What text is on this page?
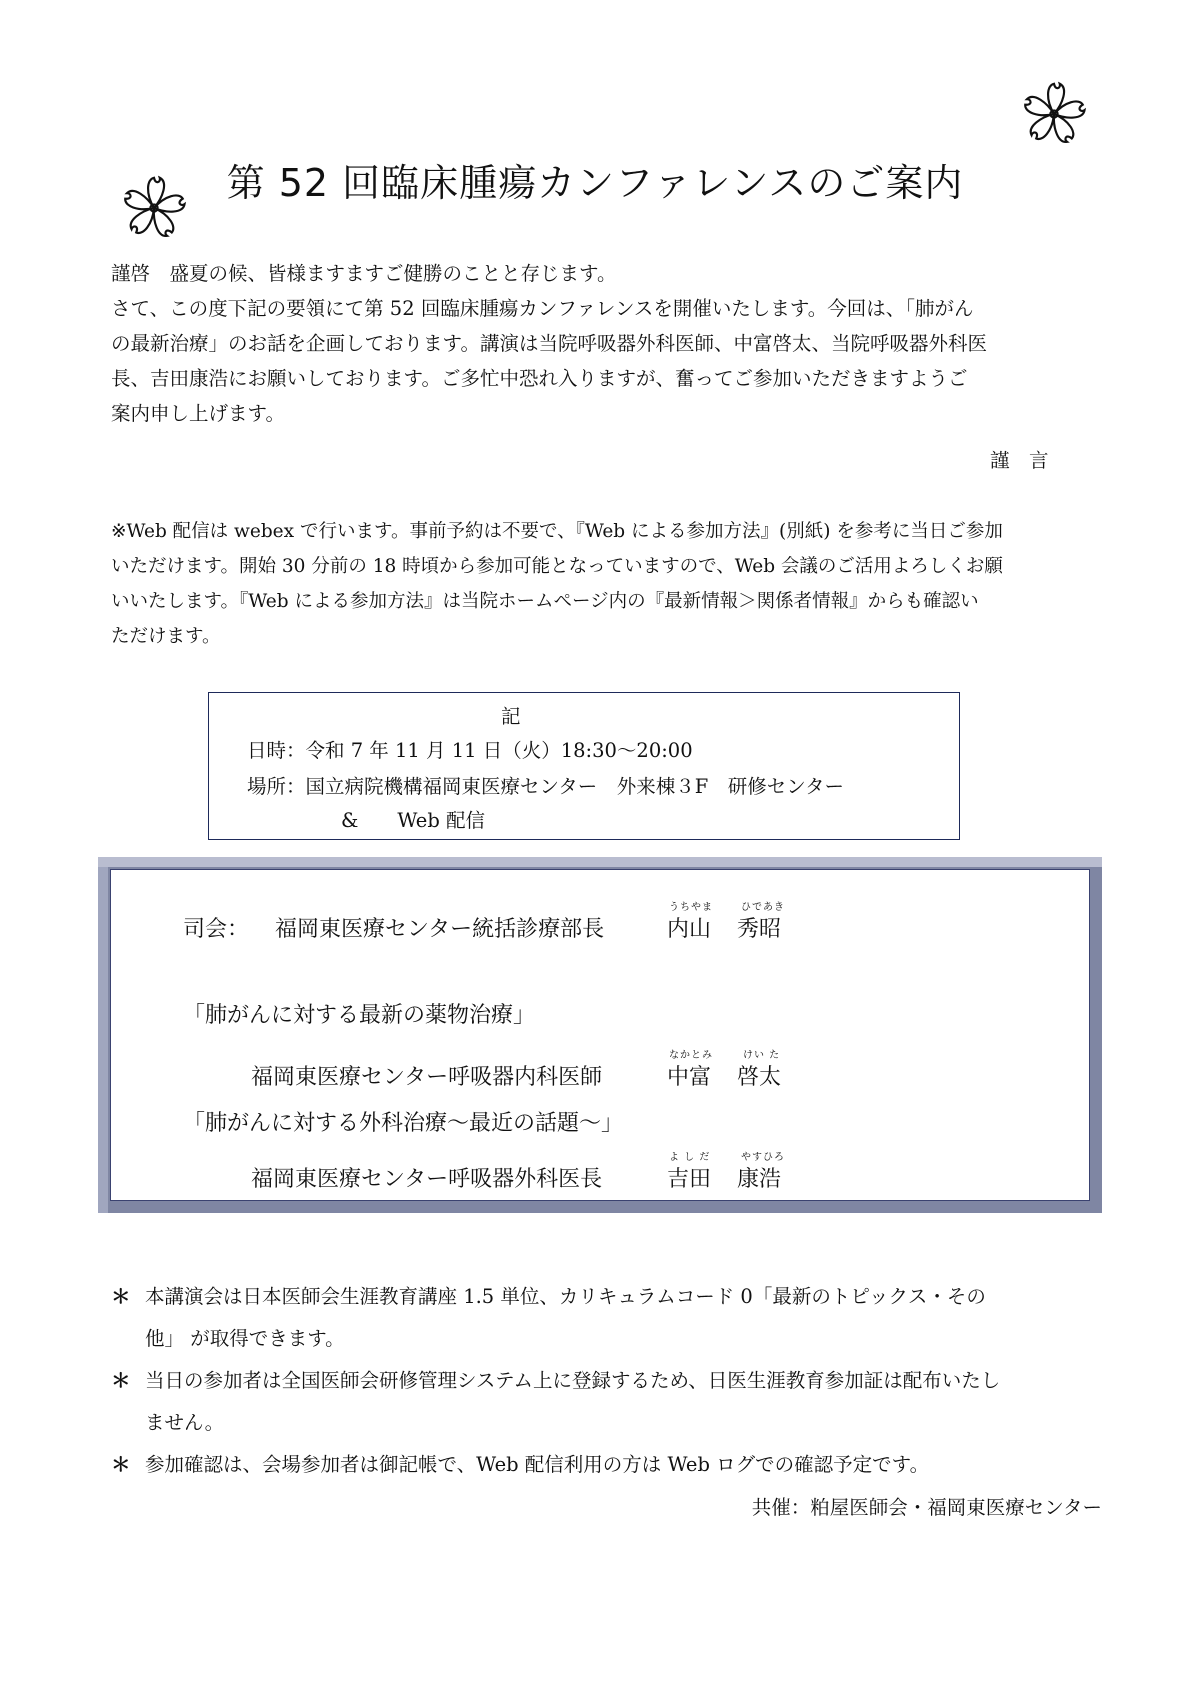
第 52 回臨床腫瘍カンファレンスのご案内

謹啓　盛夏の候、皆様ますますご健勝のことと存じます。

さて、この度下記の要領にて第 52 回臨床腫瘍カンファレンスを開催いたします。今回は、「肺がん

の最新治療」のお話を企画しております。講演は当院呼吸器外科医師、中富啓太、当院呼吸器外科医

長、吉田康浩にお願いしております。ご多忙中恐れ入りますが、奮ってご参加いただきますようご

案内申し上げます。

謹　言

※Web 配信は webex で行います。事前予約は不要で、『Web による参加方法』(別紙) を参考に当日ご参加

いただけます。開始 30 分前の 18 時頃から参加可能となっていますので、Web 会議のご活用よろしくお願

いいたします。『Web による参加方法』は当院ホームページ内の『最新情報＞関係者情報』からも確認い

ただけます。

記
日時：令和 7 年 11 月 11 日（火）18:30～20:00
場所：国立病院機構福岡東医療センター　外来棟３F　研修センター
&　　Web 配信
司会： 福岡東医療センター統括診療部長
うちやま	ひであき
内山 秀昭
「肺がんに対する最新の薬物治療」
なかとみ	けい た
福岡東医療センター呼吸器内科医師	中富 啓太
「肺がんに対する外科治療～最近の話題～」
よ し だ	やすひろ
福岡東医療センター呼吸器外科医長	吉田 康浩
＊ 本講演会は日本医師会生涯教育講座 1.5 単位、カリキュラムコード 0「最新のトピックス・その
他」 が取得できます。
＊ 当日の参加者は全国医師会研修管理システム上に登録するため、日医生涯教育参加証は配布いたし
ません。
＊ 参加確認は、会場参加者は御記帳で、Web 配信利用の方は Web ログでの確認予定です。
共催：粕屋医師会・福岡東医療センター
